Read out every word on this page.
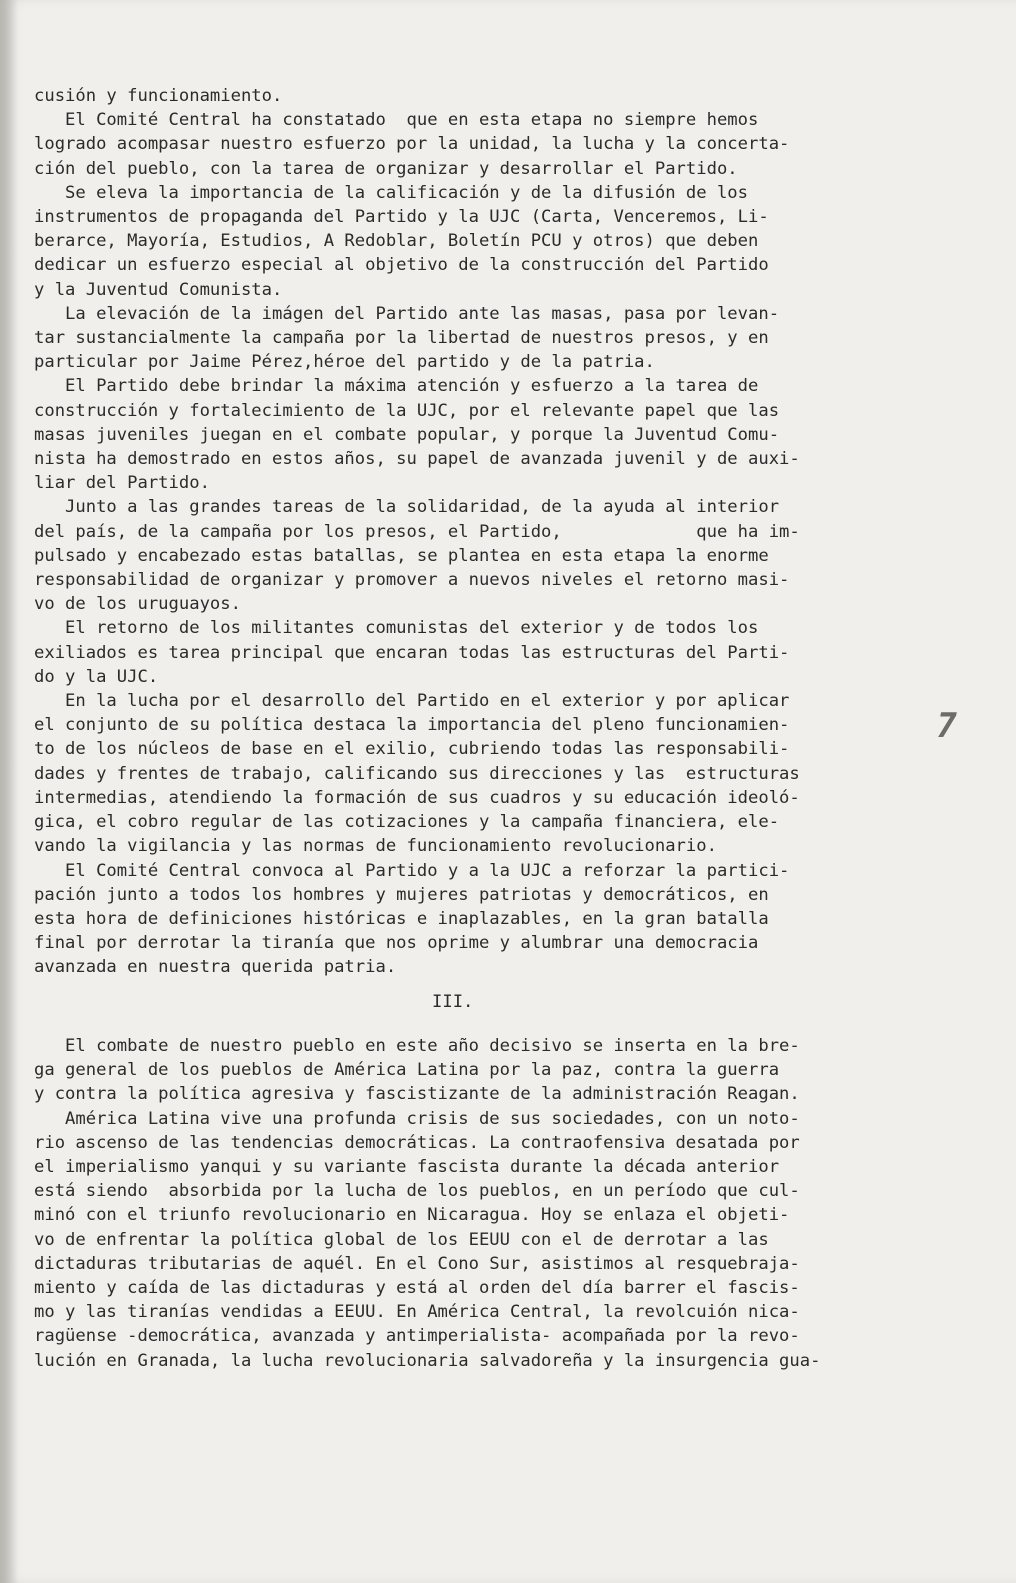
cusión y funcionamiento.
El Comité Central ha constatado  que en esta etapa no siempre hemos
logrado acompasar nuestro esfuerzo por la unidad, la lucha y la concerta-
ción del pueblo, con la tarea de organizar y desarrollar el Partido.
Se eleva la importancia de la calificación y de la difusión de los
instrumentos de propaganda del Partido y la UJC (Carta, Venceremos, Li-
berarce, Mayoría, Estudios, A Redoblar, Boletín PCU y otros) que deben
dedicar un esfuerzo especial al objetivo de la construcción del Partido
y la Juventud Comunista.
La elevación de la imágen del Partido ante las masas, pasa por levan-
tar sustancialmente la campaña por la libertad de nuestros presos, y en
particular por Jaime Pérez,héroe del partido y de la patria.
El Partido debe brindar la máxima atención y esfuerzo a la tarea de
construcción y fortalecimiento de la UJC, por el relevante papel que las
masas juveniles juegan en el combate popular, y porque la Juventud Comu-
nista ha demostrado en estos años, su papel de avanzada juvenil y de auxi-
liar del Partido.
Junto a las grandes tareas de la solidaridad, de la ayuda al interior
del país, de la campaña por los presos, el Partido,             que ha im-
pulsado y encabezado estas batallas, se plantea en esta etapa la enorme
responsabilidad de organizar y promover a nuevos niveles el retorno masi-
vo de los uruguayos.
El retorno de los militantes comunistas del exterior y de todos los
exiliados es tarea principal que encaran todas las estructuras del Parti-
do y la UJC.
En la lucha por el desarrollo del Partido en el exterior y por aplicar
el conjunto de su política destaca la importancia del pleno funcionamien-
to de los núcleos de base en el exilio, cubriendo todas las responsabili-
dades y frentes de trabajo, calificando sus direcciones y las  estructuras
intermedias, atendiendo la formación de sus cuadros y su educación ideoló-
gica, el cobro regular de las cotizaciones y la campaña financiera, ele-
vando la vigilancia y las normas de funcionamiento revolucionario.
El Comité Central convoca al Partido y a la UJC a reforzar la partici-
pación junto a todos los hombres y mujeres patriotas y democráticos, en
esta hora de definiciones históricas e inaplazables, en la gran batalla
final por derrotar la tiranía que nos oprime y alumbrar una democracia
avanzada en nuestra querida patria.
III.
El combate de nuestro pueblo en este año decisivo se inserta en la bre-
ga general de los pueblos de América Latina por la paz, contra la guerra
y contra la política agresiva y fascistizante de la administración Reagan.
América Latina vive una profunda crisis de sus sociedades, con un noto-
rio ascenso de las tendencias democráticas. La contraofensiva desatada por
el imperialismo yanqui y su variante fascista durante la década anterior
está siendo  absorbida por la lucha de los pueblos, en un período que cul-
minó con el triunfo revolucionario en Nicaragua. Hoy se enlaza el objeti-
vo de enfrentar la política global de los EEUU con el de derrotar a las
dictaduras tributarias de aquél. En el Cono Sur, asistimos al resquebraja-
miento y caída de las dictaduras y está al orden del día barrer el fascis-
mo y las tiranías vendidas a EEUU. En América Central, la revolcuión nica-
ragüense -democrática, avanzada y antimperialista- acompañada por la revo-
lución en Granada, la lucha revolucionaria salvadoreña y la insurgencia gua-
7
